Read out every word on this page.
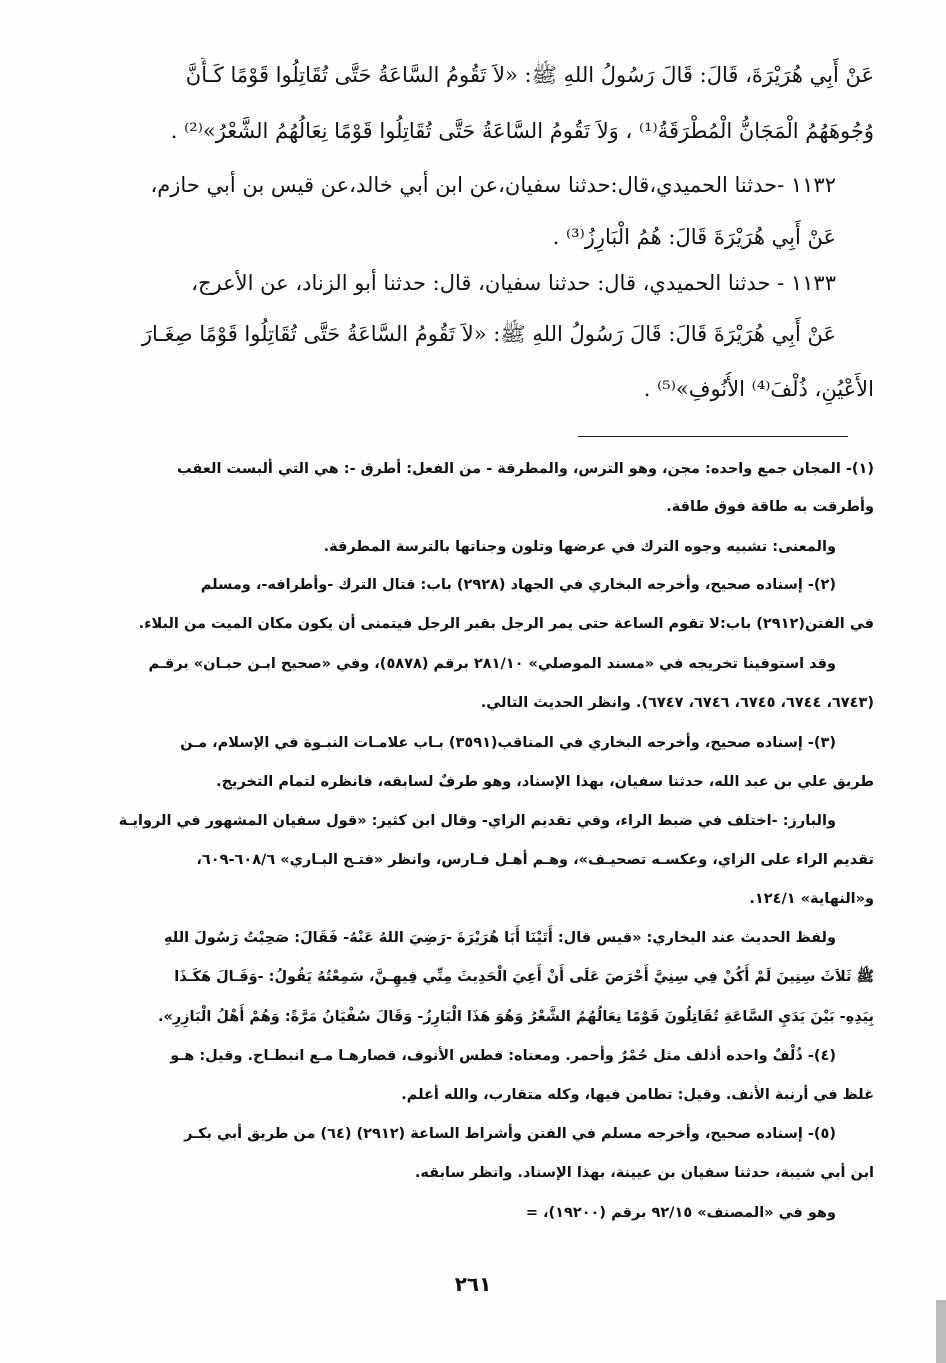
عَنْ أَبِي هُرَيْرَةَ، قَالَ: قَالَ رَسُولُ اللهِ ﷺ: «لاَ تَقُومُ السَّاعَةُ حَتَّى تُقَاتِلُوا قَوْمًا كَـأَنَّ
وُجُوهَهُمُ الْمَجَانُّ الْمُطْرَقَةُ⁽¹⁾ ، وَلاَ تَقُومُ السَّاعَةُ حَتَّى تُقَاتِلُوا قَوْمًا نِعَالُهُمُ الشَّعْرُ»⁽²⁾ .
١١٣٢ -حدثنا الحميدي،قال:حدثنا سفيان،عن ابن أبي خالد،عن قيس بن أبي حازم،
عَنْ أَبِي هُرَيْرَةَ قَالَ: هُمُ الْبَارِزُ⁽³⁾ .
١١٣٣ - حدثنا الحميدي، قال: حدثنا سفيان، قال: حدثنا أبو الزناد، عن الأعرج،
عَنْ أَبِي هُرَيْرَةَ قَالَ: قَالَ رَسُولُ اللهِ ﷺ: «لاَ تَقُومُ السَّاعَةُ حَتَّى تُقَاتِلُوا قَوْمًا صِغَـارَ
الأَعْيُنِ، ذُلْفَ⁽⁴⁾ الأُنُوفِ»⁽⁵⁾ .
(١)- المجان جمع واحده: مجن، وهو الترس، والمطرقة - من الفعل: أطرق -: هي التي ألبست العقب
وأطرقت به طاقة فوق طاقة.
والمعنى: تشبيه وجوه الترك في عرضها وتلون وجناتها بالترسة المطرقة.
(٢)- إسناده صحيح، وأخرجه البخاري في الجهاد (٢٩٢٨) باب: قتال الترك -وأطرافه-، ومسلم
في الفتن(٢٩١٢) باب:لا تقوم الساعة حتى يمر الرجل بقبر الرجل فيتمنى أن يكون مكان الميت من البلاء.
وقد استوفينا تخريجه في «مسند الموصلي» ٢٨١/١٠ برقم (٥٨٧٨)، وفي «صحيح ابـن حبـان» برقـم
(٦٧٤٣، ٦٧٤٤، ٦٧٤٥، ٦٧٤٦، ٦٧٤٧). وانظر الحديث التالي.
(٣)- إسناده صحيح، وأخرجه البخاري في المناقب(٣٥٩١) بـاب علامـات النبـوة في الإسلام، مـن
طريق علي بن عبد الله، حدثنا سفيان، بهذا الإسناد، وهو طرفٌ لسابقه، فانظره لتمام التخريج.
والبارز: -اختلف في ضبط الراء، وفي تقديم الزاي- وقال ابن كثير: «قول سفيان المشهور في الروايـة
تقديم الراء على الزاي، وعكسـه تصحيـف»، وهـم أهـل فـارس، وانظر «فتـح البـاري» ٦٠٨/٦-٦٠٩،
و«النهاية» ١٢٤/١.
ولفظ الحديث عند البخاري: «قيس قال: أَتَيْنَا أَبَا هُرَيْرَةَ -رَضِيَ اللهُ عَنْهُ- فَقَالَ: صَحِبْتُ رَسُولَ اللهِ
ﷺ ثَلاَثَ سِنِينَ لَمْ أَكُنْ فِي سِنِيَّ أَحْرَصَ عَلَى أَنْ أَعِيَ الْحَدِيثَ مِنِّي فِيهِـنَّ، سَمِعْتُهُ يَقُولُ: -وَقَـالَ هَكَـذَا
بِيَدِهِ- بَيْنَ يَدَيِ السَّاعَةِ تُقَاتِلُونَ قَوْمًا نِعَالُهُمُ الشَّعْرُ وَهُوَ هَذَا الْبَارِزُ- وَقَالَ سُفْيَانُ مَرَّةً: وَهُمْ أَهْلُ الْبَازِرِ».
(٤)- ذُلْفٌ واحده أذلف مثل حُمْرٌ وأحمر. ومعناه: فطس الأنوف، قصارهـا مـع انبطـاح. وقيل: هـو
غلظ في أرنبة الأنف. وقيل: تطامن فيها، وكله متقارب، والله أعلم.
(٥)- إسناده صحيح، وأخرجه مسلم في الفتن وأشراط الساعة (٢٩١٢) (٦٤) من طريق أبي بكـر
ابن أبي شيبة، حدثنا سفيان بن عيينة، بهذا الإسناد. وانظر سابقه.
وهو في «المصنف» ٩٢/١٥ برقم (١٩٢٠٠)، =
٢٦١
